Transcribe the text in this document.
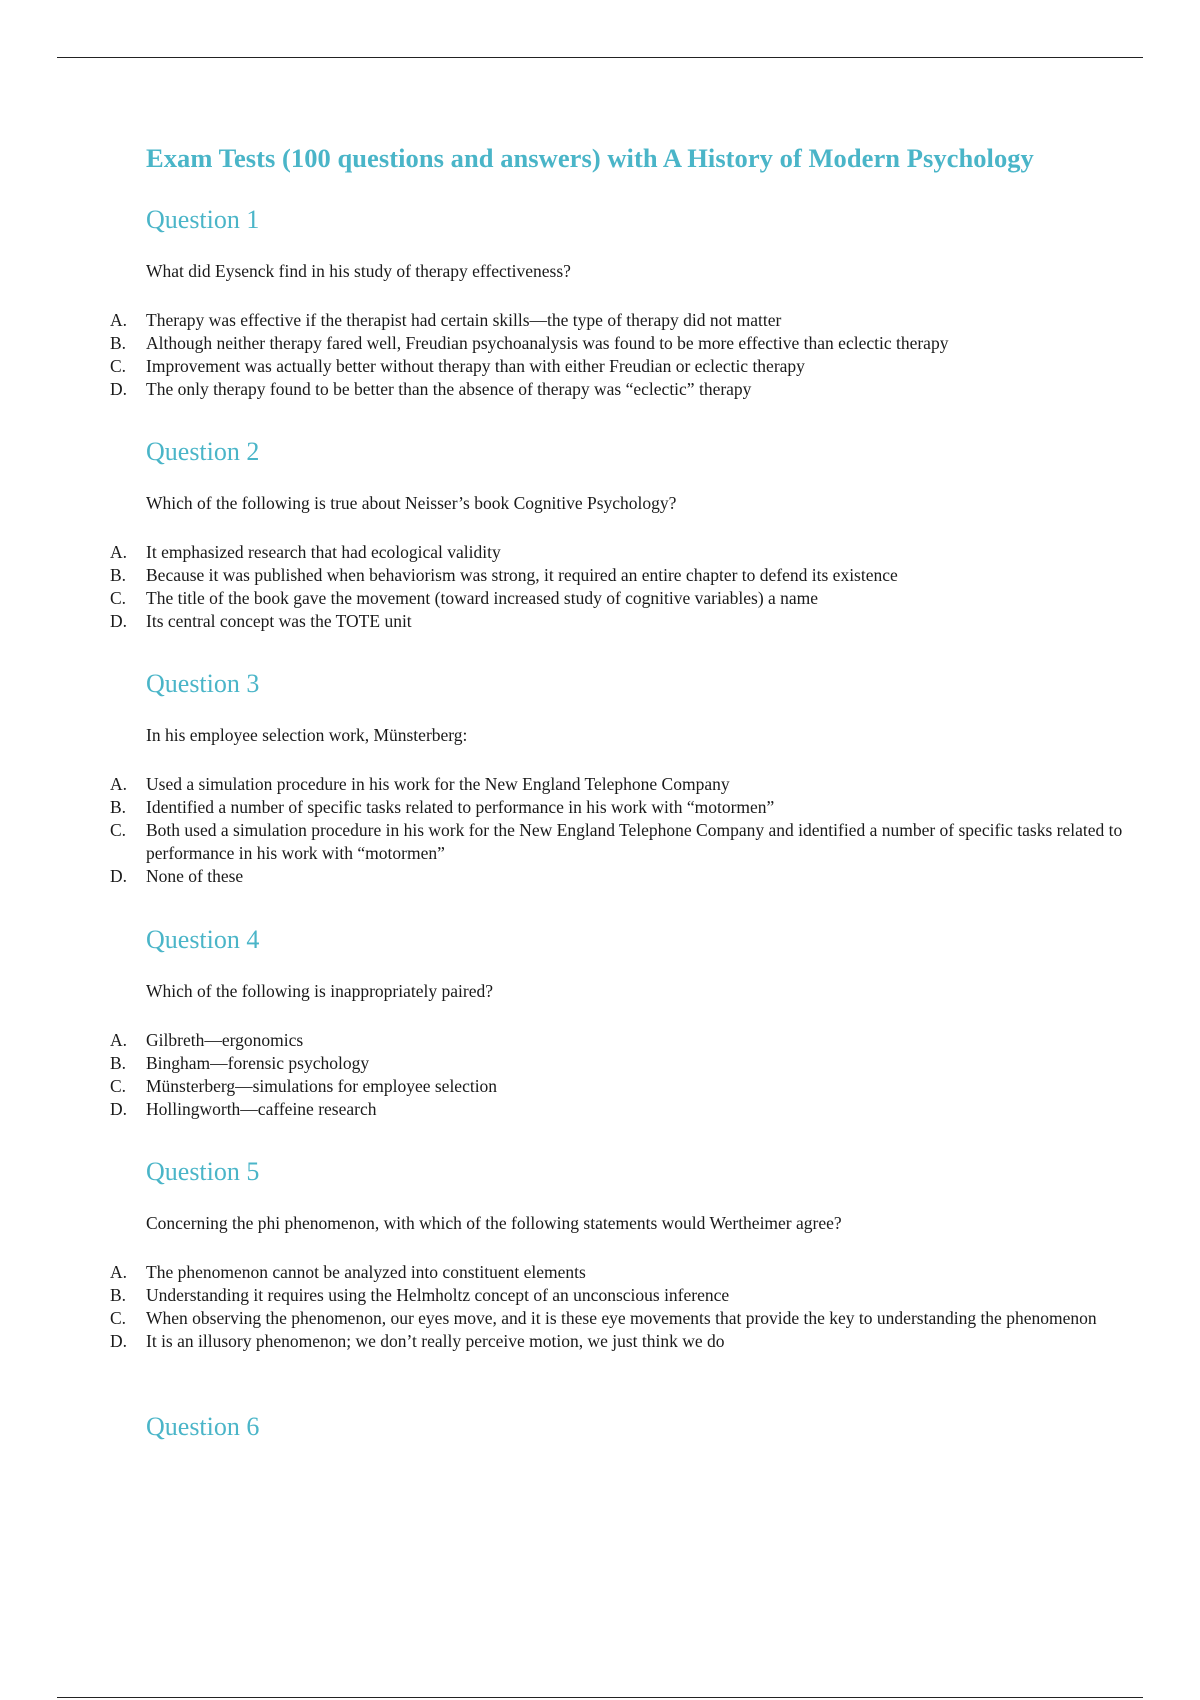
Exam Tests (100 questions and answers) with A History of Modern Psychology
Question 1

What did Eysenck find in his study of therapy effectiveness?

A. Therapy was effective if the therapist had certain skills—the type of therapy did not matter
B. Although neither therapy fared well, Freudian psychoanalysis was found to be more effective than eclectic therapy
C. Improvement was actually better without therapy than with either Freudian or eclectic therapy
D. The only therapy found to be better than the absence of therapy was “eclectic” therapy
Question 2

Which of the following is true about Neisser’s book Cognitive Psychology?

A. It emphasized research that had ecological validity
B. Because it was published when behaviorism was strong, it required an entire chapter to defend its existence
C. The title of the book gave the movement (toward increased study of cognitive variables) a name
D. Its central concept was the TOTE unit
Question 3

In his employee selection work, Münsterberg:

A. Used a simulation procedure in his work for the New England Telephone Company
B. Identified a number of specific tasks related to performance in his work with “motormen”
C. Both used a simulation procedure in his work for the New England Telephone Company and identified a number of specific tasks related to performance in his work with “motormen”
D. None of these
Question 4

Which of the following is inappropriately paired?

A. Gilbreth—ergonomics
B. Bingham—forensic psychology
C. Münsterberg—simulations for employee selection
D. Hollingworth—caffeine research
Question 5

Concerning the phi phenomenon, with which of the following statements would Wertheimer agree?

A. The phenomenon cannot be analyzed into constituent elements
B. Understanding it requires using the Helmholtz concept of an unconscious inference
C. When observing the phenomenon, our eyes move, and it is these eye movements that provide the key to understanding the phenomenon
D. It is an illusory phenomenon; we don’t really perceive motion, we just think we do
Question 6
